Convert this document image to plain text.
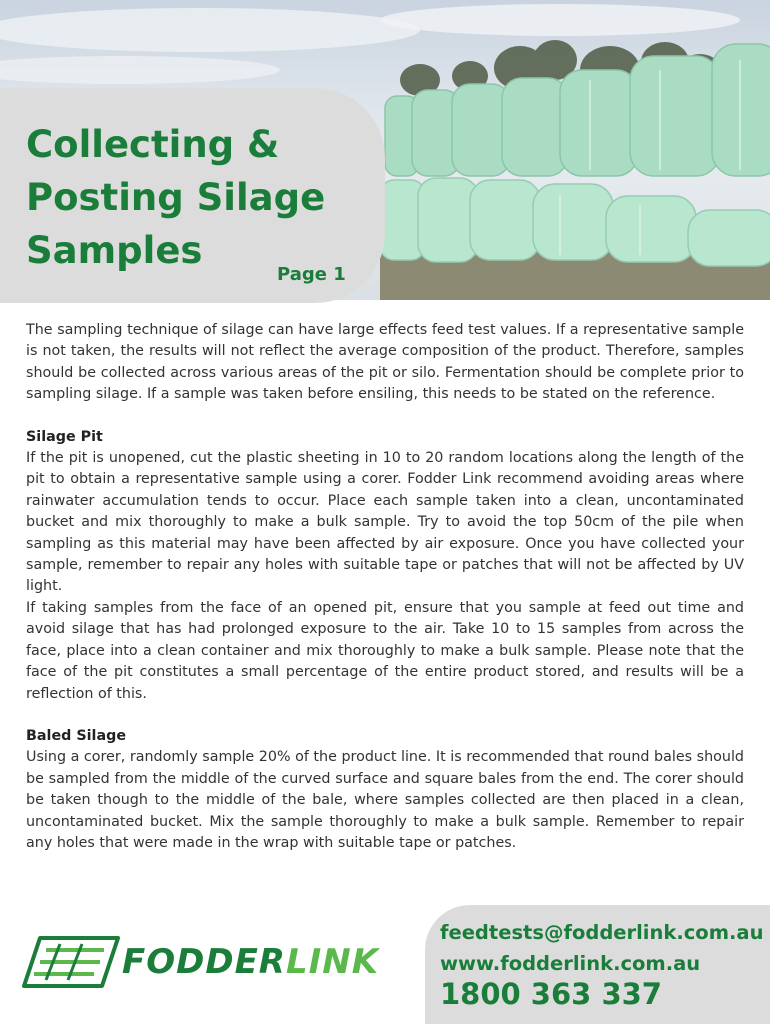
Collecting &
Posting Silage
Samples
Page 1

The sampling technique of silage can have large effects feed test values. If a representative sample is not taken, the results will not reflect the average composition of the product. Therefore, samples should be collected across various areas of the pit or silo. Fermentation should be complete prior to sampling silage. If a sample was taken before ensiling, this needs to be stated on the reference.

Silage Pit

If the pit is unopened, cut the plastic sheeting in 10 to 20 random locations along the length of the pit to obtain a representative sample using a corer. Fodder Link recommend avoiding areas where rainwater accumulation tends to occur. Place each sample taken into a clean, uncontaminated bucket and mix thoroughly to make a bulk sample. Try to avoid the top 50cm of the pile when sampling as this material may have been affected by air exposure. Once you have collected your sample, remember to repair any holes with suitable tape or patches that will not be affected by UV light.

If taking samples from the face of an opened pit, ensure that you sample at feed out time and avoid silage that has had prolonged exposure to the air. Take 10 to 15 samples from across the face, place into a clean container and mix thoroughly to make a bulk sample. Please note that the face of the pit constitutes a small percentage of the entire product stored, and results will be a reflection of this.

Baled Silage

Using a corer, randomly sample 20% of the product line. It is recommended that round bales should be sampled from the middle of the curved surface and square bales from the end. The corer should be taken though to the middle of the bale, where samples collected are then placed in a clean, uncontaminated bucket. Mix the sample thoroughly to make a bulk sample. Remember to repair any holes that were made in the wrap with suitable tape or patches.

FODDERLINK
feedtests@fodderlink.com.au
www.fodderlink.com.au
1800 363 337
